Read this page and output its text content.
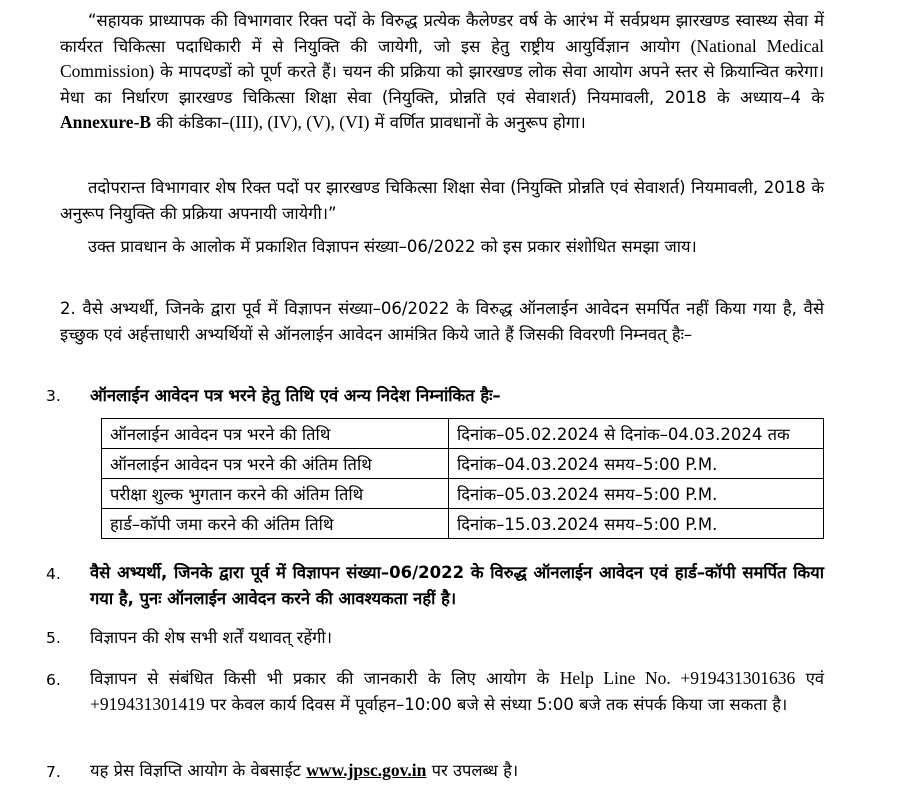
“सहायक प्राध्यापक की विभागवार रिक्त पदों के विरुद्ध प्रत्येक कैलेण्डर वर्ष के आरंभ में सर्वप्रथम झारखण्ड स्वास्थ्य सेवा में कार्यरत चिकित्सा पदाधिकारी में से नियुक्ति की जायेगी, जो इस हेतु राष्ट्रीय आयुर्विज्ञान आयोग (National Medical Commission) के मापदण्डों को पूर्ण करते हैं। चयन की प्रक्रिया को झारखण्ड लोक सेवा आयोग अपने स्तर से क्रियान्वित करेगा। मेधा का निर्धारण झारखण्ड चिकित्सा शिक्षा सेवा (नियुक्ति, प्रोन्नति एवं सेवाशर्त) नियमावली, 2018 के अध्याय–4 के Annexure-B की कंडिका–(III), (IV), (V), (VI) में वर्णित प्रावधानों के अनुरूप होगा।

तदोपरान्त विभागवार शेष रिक्त पदों पर झारखण्ड चिकित्सा शिक्षा सेवा (नियुक्ति प्रोन्नति एवं सेवाशर्त) नियमावली, 2018 के अनुरूप नियुक्ति की प्रक्रिया अपनायी जायेगी।”

उक्त प्रावधान के आलोक में प्रकाशित विज्ञापन संख्या–06/2022 को इस प्रकार संशोधित समझा जाय।

2. वैसे अभ्यर्थी, जिनके द्वारा पूर्व में विज्ञापन संख्या–06/2022 के विरुद्ध ऑनलाईन आवेदन समर्पित नहीं किया गया है, वैसे इच्छुक एवं अर्हत्ताधारी अभ्यर्थियों से ऑनलाईन आवेदन आमंत्रित किये जाते हैं जिसकी विवरणी निम्नवत् हैः–

3. ऑनलाईन आवेदन पत्र भरने हेतु तिथि एवं अन्य निदेश निम्नांकित हैः–

ऑनलाईन आवेदन पत्र भरने की तिथि	दिनांक–05.02.2024 से दिनांक–04.03.2024 तक
ऑनलाईन आवेदन पत्र भरने की अंतिम तिथि	दिनांक–04.03.2024 समय–5:00 P.M.
परीक्षा शुल्क भुगतान करने की अंतिम तिथि	दिनांक–05.03.2024 समय–5:00 P.M.
हार्ड–कॉपी जमा करने की अंतिम तिथि	दिनांक–15.03.2024 समय–5:00 P.M.
4. वैसे अभ्यर्थी, जिनके द्वारा पूर्व में विज्ञापन संख्या–06/2022 के विरुद्ध ऑनलाईन आवेदन एवं हार्ड–कॉपी समर्पित किया गया है, पुनः ऑनलाईन आवेदन करने की आवश्यकता नहीं है।

5. विज्ञापन की शेष सभी शर्तें यथावत् रहेंगी।

6. विज्ञापन से संबंधित किसी भी प्रकार की जानकारी के लिए आयोग के Help Line No. +919431301636 एवं +919431301419 पर केवल कार्य दिवस में पूर्वाहन–10:00 बजे से संध्या 5:00 बजे तक संपर्क किया जा सकता है।

7. यह प्रेस विज्ञप्ति आयोग के वेबसाईट www.jpsc.gov.in पर उपलब्ध है।
